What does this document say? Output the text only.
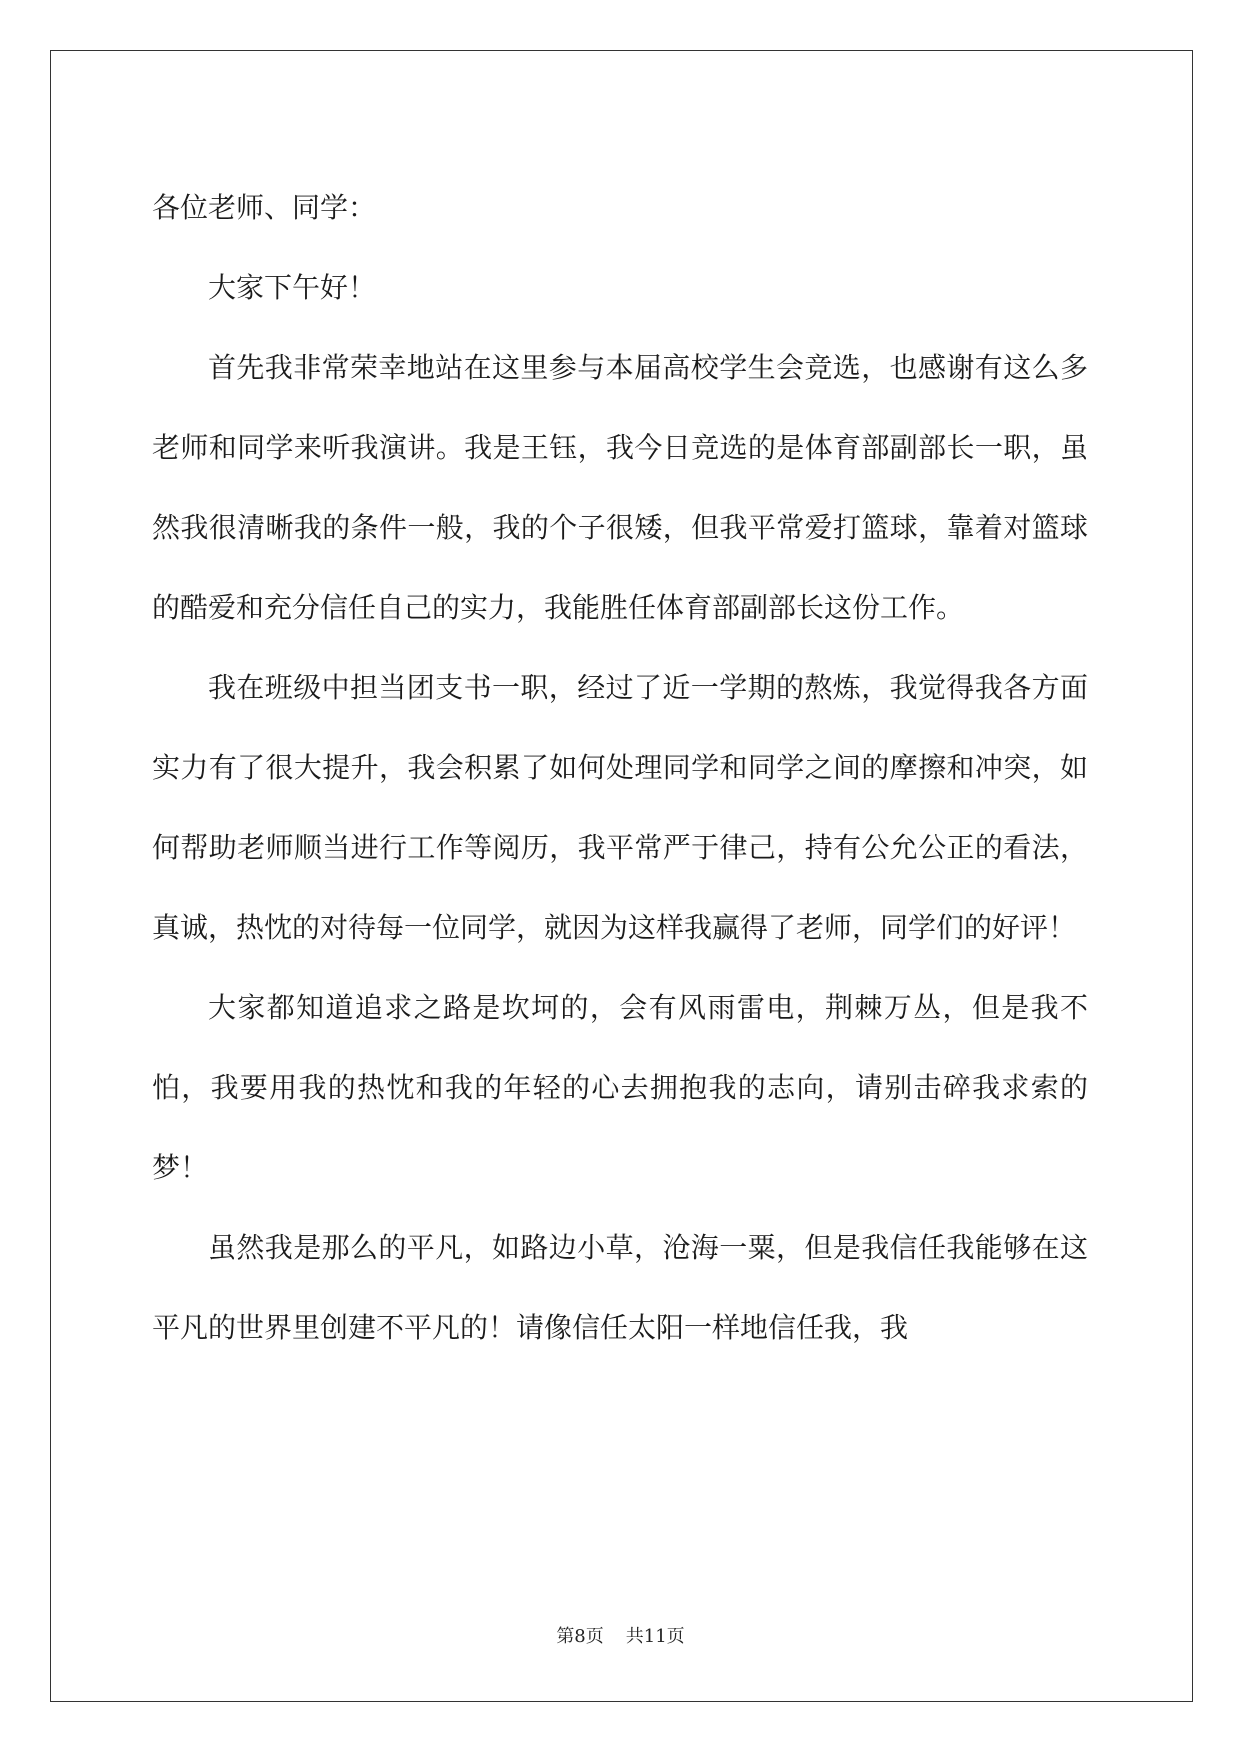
各位老师、同学：

大家下午好！

首先我非常荣幸地站在这里参与本届高校学生会竞选，也感谢有这么多老师和同学来听我演讲。我是王钰，我今日竞选的是体育部副部长一职，虽然我很清晰我的条件一般，我的个子很矮，但我平常爱打篮球，靠着对篮球的酷爱和充分信任自己的实力，我能胜任体育部副部长这份工作。

我在班级中担当团支书一职，经过了近一学期的熬炼，我觉得我各方面实力有了很大提升，我会积累了如何处理同学和同学之间的摩擦和冲突，如何帮助老师顺当进行工作等阅历，我平常严于律己，持有公允公正的看法，真诚，热忱的对待每一位同学，就因为这样我赢得了老师，同学们的好评！

大家都知道追求之路是坎坷的，会有风雨雷电，荆棘万丛，但是我不怕，我要用我的热忱和我的年轻的心去拥抱我的志向，请别击碎我求索的梦！

虽然我是那么的平凡，如路边小草，沧海一粟，但是我信任我能够在这平凡的世界里创建不平凡的！请像信任太阳一样地信任我，我

第8页 共11页
